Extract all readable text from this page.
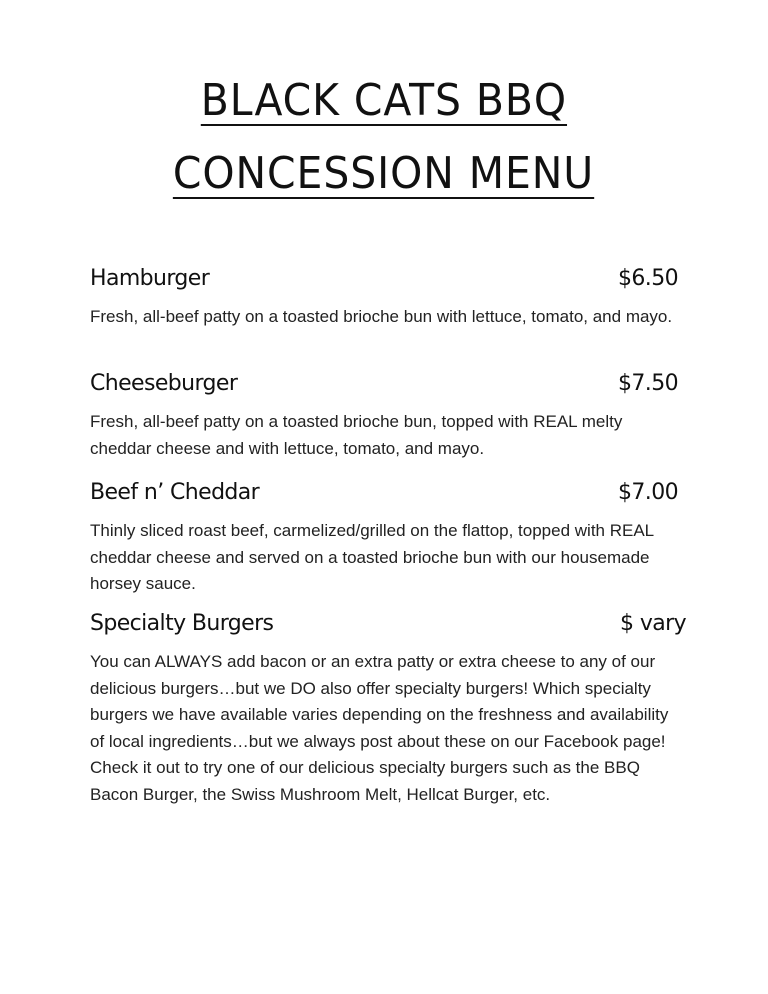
BLACK CATS BBQ
CONCESSION MENU
Hamburger	$6.50
Fresh, all-beef patty on a toasted brioche bun with lettuce, tomato, and mayo.
Cheeseburger	$7.50
Fresh, all-beef patty on a toasted brioche bun, topped with REAL melty cheddar cheese and with lettuce, tomato, and mayo.
Beef n’ Cheddar	$7.00
Thinly sliced roast beef, carmelized/grilled on the flattop, topped with REAL cheddar cheese and served on a toasted brioche bun with our housemade horsey sauce.
Specialty Burgers	$ vary
You can ALWAYS add bacon or an extra patty or extra cheese to any of our delicious burgers…but we DO also offer specialty burgers! Which specialty burgers we have available varies depending on the freshness and availability of local ingredients…but we always post about these on our Facebook page! Check it out to try one of our delicious specialty burgers such as the BBQ Bacon Burger, the Swiss Mushroom Melt, Hellcat Burger, etc.
